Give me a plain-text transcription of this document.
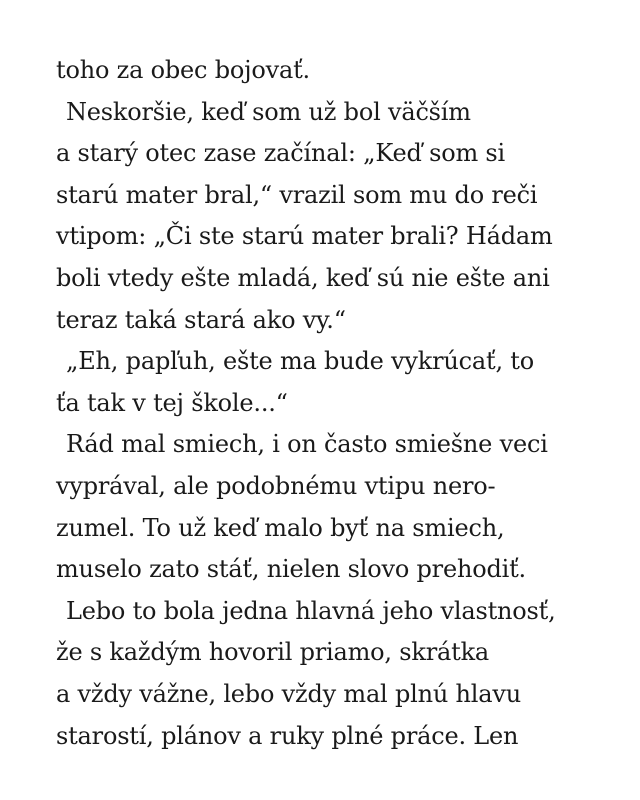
toho za obec bojovať.
Neskoršie, keď som už bol väčším
a starý otec zase začínal: „Keď som si
starú mater bral,“ vrazil som mu do reči
vtipom: „Či ste starú mater brali? Hádam
boli vtedy ešte mladá, keď sú nie ešte ani
teraz taká stará ako vy.“
„Eh, papľuh, ešte ma bude vykrúcať, to
ťa tak v tej škole...“
Rád mal smiech, i on často smiešne veci
vyprával, ale podobnému vtipu nero-
zumel. To už keď malo byť na smiech,
muselo zato stáť, nielen slovo prehodiť.
Lebo to bola jedna hlavná jeho vlastnosť,
že s každým hovoril priamo, skrátka
a vždy vážne, lebo vždy mal plnú hlavu
starostí, plánov a ruky plné práce. Len
